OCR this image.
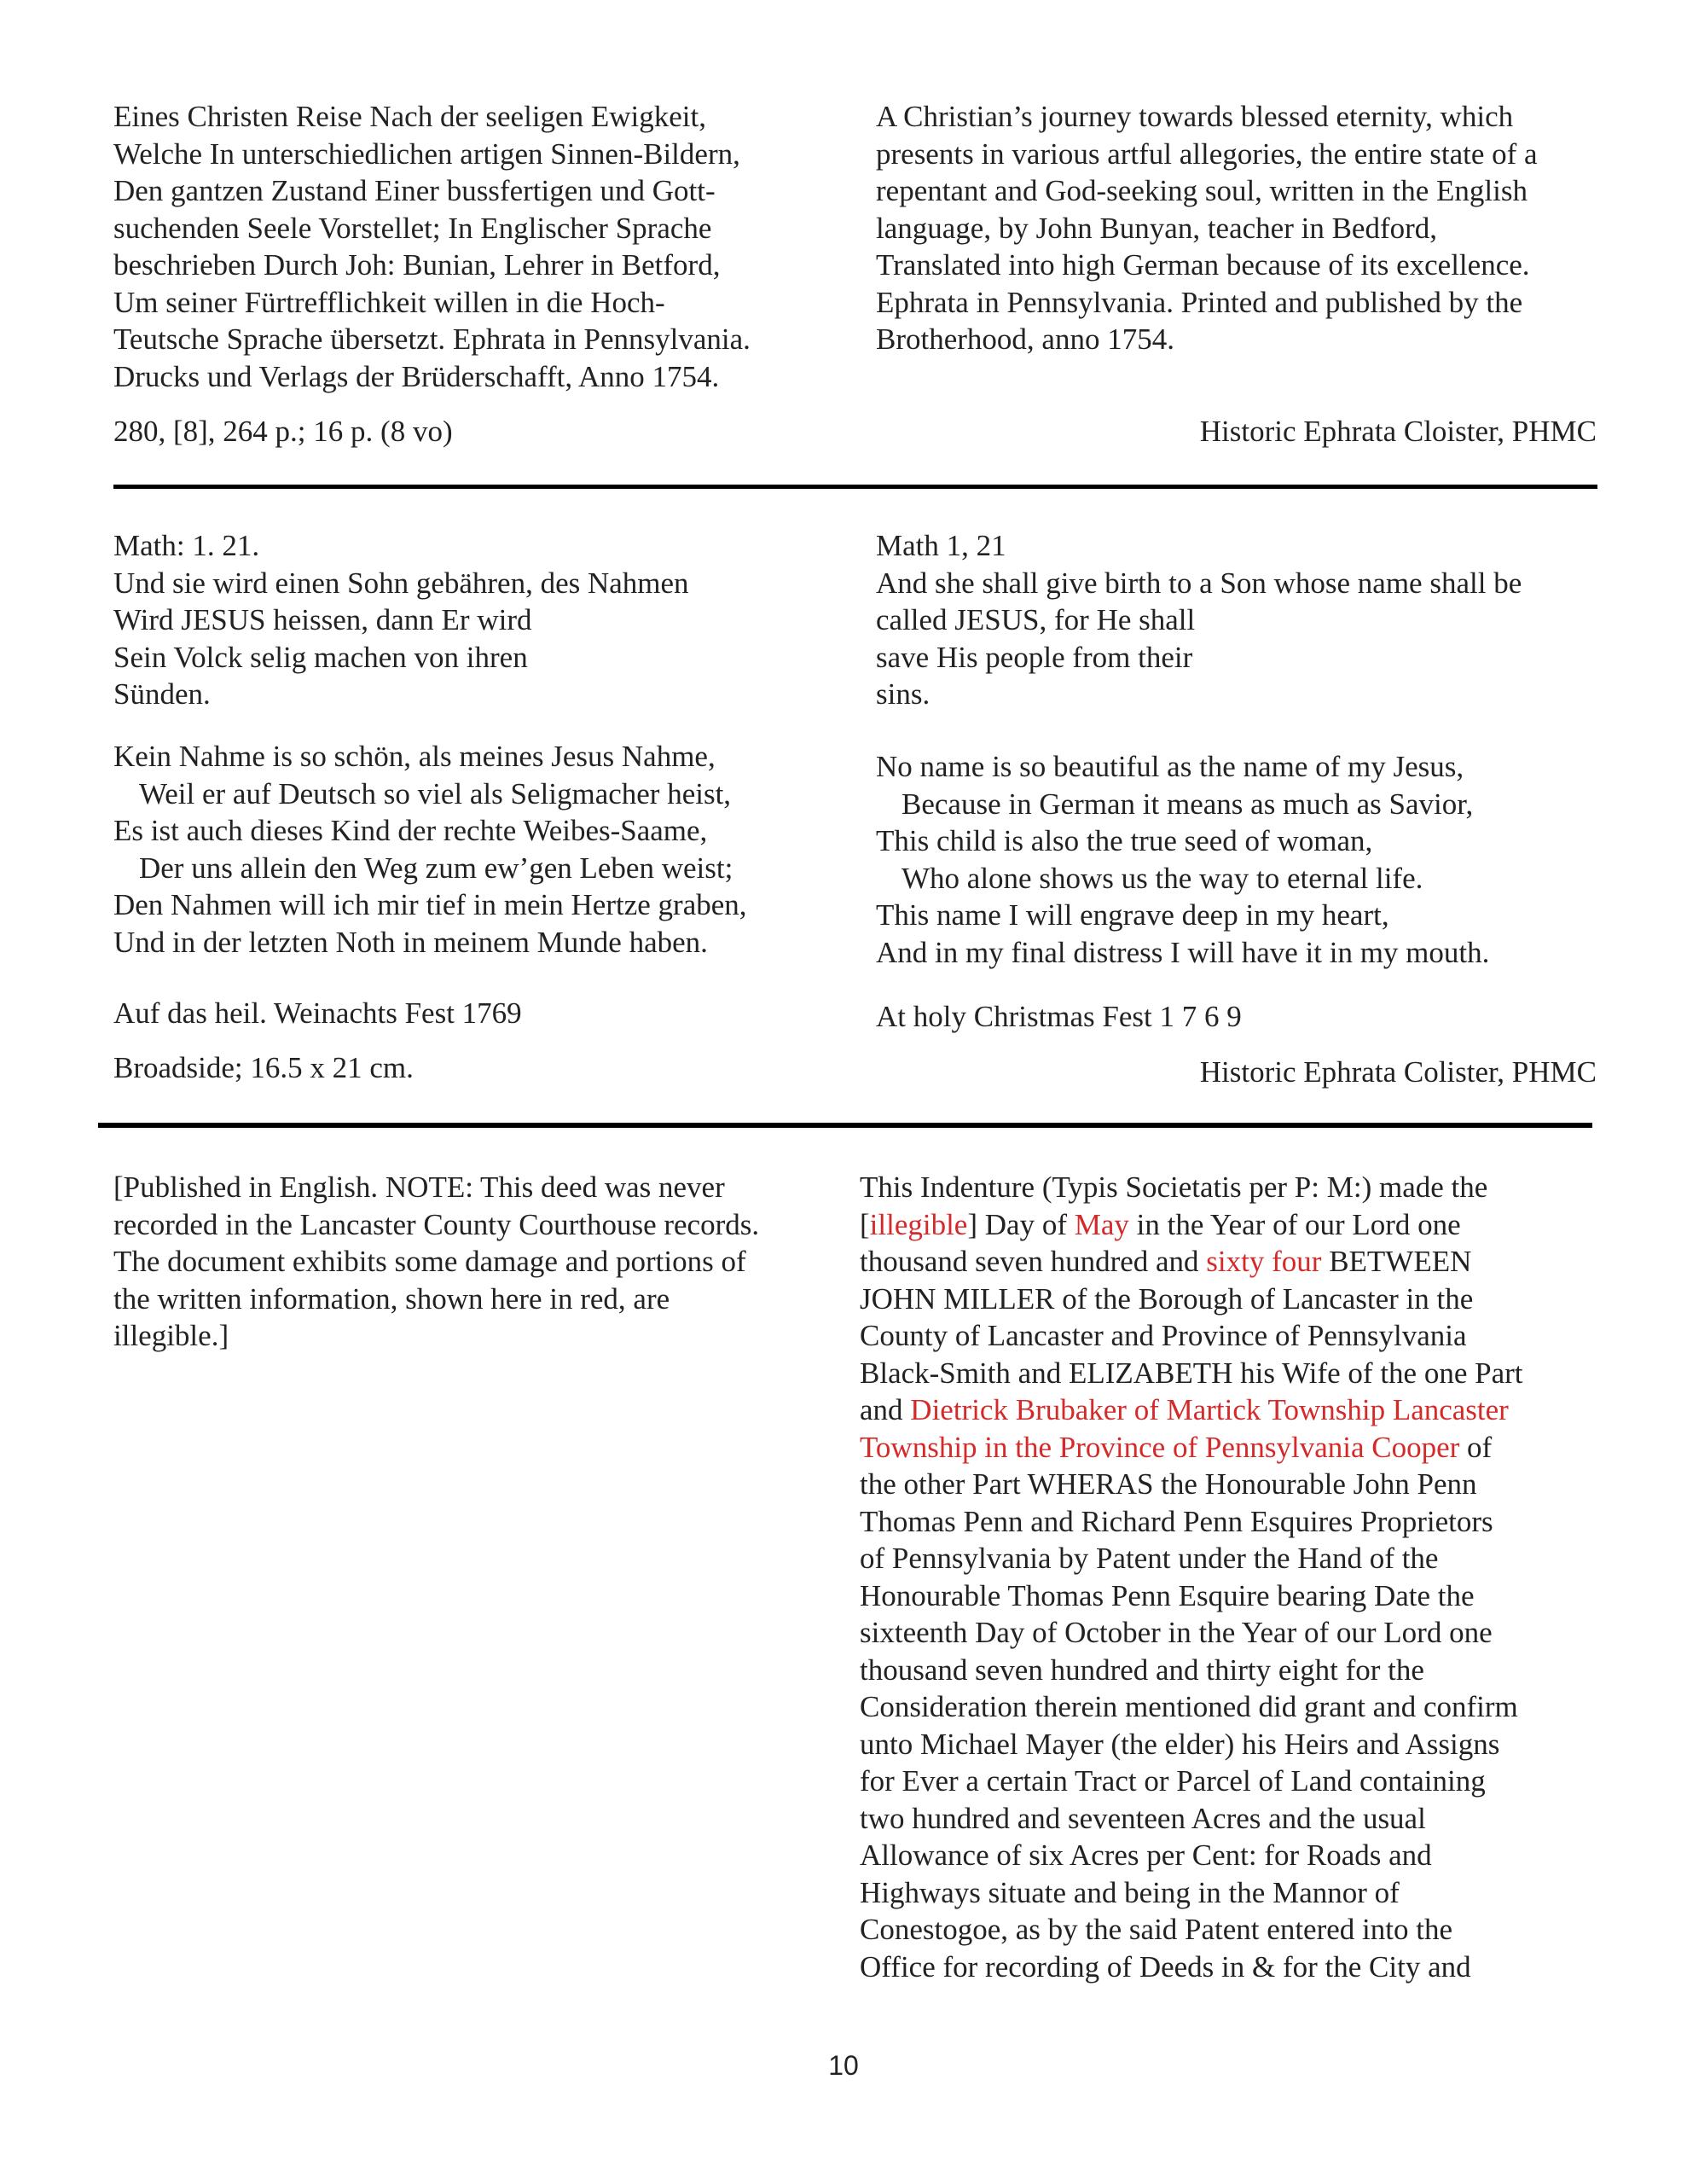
Eines Christen Reise Nach der seeligen Ewigkeit,
Welche In unterschiedlichen artigen Sinnen-Bildern,
Den gantzen Zustand Einer bussfertigen und Gott-
suchenden Seele Vorstellet; In Englischer Sprache
beschrieben Durch Joh: Bunian, Lehrer in Betford,
Um seiner Fürtrefflichkeit willen in die Hoch-
Teutsche Sprache übersetzt. Ephrata in Pennsylvania.
Drucks und Verlags der Brüderschafft, Anno 1754.
A Christian’s journey towards blessed eternity, which
presents in various artful allegories, the entire state of a
repentant and God-seeking soul, written in the English
language, by John Bunyan, teacher in Bedford,
Translated into high German because of its excellence.
Ephrata in Pennsylvania. Printed and published by the
Brotherhood, anno 1754.
280, [8], 264 p.; 16 p. (8 vo)	Historic Ephrata Cloister, PHMC
Math: 1. 21.
Und sie wird einen Sohn gebähren, des Nahmen
Wird JESUS heissen, dann Er wird
Sein Volck selig machen von ihren
Sünden.
Kein Nahme is so schön, als meines Jesus Nahme,
Weil er auf Deutsch so viel als Seligmacher heist,
Es ist auch dieses Kind der rechte Weibes-Saame,
Der uns allein den Weg zum ew’gen Leben weist;
Den Nahmen will ich mir tief in mein Hertze graben,
Und in der letzten Noth in meinem Munde haben.
Auf das heil. Weinachts Fest 1769
Broadside; 16.5 x 21 cm.
Math 1, 21
And she shall give birth to a Son whose name shall be
called JESUS, for He shall
save His people from their
sins.
No name is so beautiful as the name of my Jesus,
Because in German it means as much as Savior,
This child is also the true seed of woman,
Who alone shows us the way to eternal life.
This name I will engrave deep in my heart,
And in my final distress I will have it in my mouth.
At holy Christmas Fest 1 7 6 9
Historic Ephrata Colister, PHMC
[Published in English. NOTE: This deed was never
recorded in the Lancaster County Courthouse records.
The document exhibits some damage and portions of
the written information, shown here in red, are
illegible.]
This Indenture (Typis Societatis per P: M:) made the
[illegible] Day of May in the Year of our Lord one
thousand seven hundred and sixty four BETWEEN
JOHN MILLER of the Borough of Lancaster in the
County of Lancaster and Province of Pennsylvania
Black-Smith and ELIZABETH his Wife of the one Part
and Dietrick Brubaker of Martick Township Lancaster
Township in the Province of Pennsylvania Cooper of
the other Part WHERAS the Honourable John Penn
Thomas Penn and Richard Penn Esquires Proprietors
of Pennsylvania by Patent under the Hand of the
Honourable Thomas Penn Esquire bearing Date the
sixteenth Day of October in the Year of our Lord one
thousand seven hundred and thirty eight for the
Consideration therein mentioned did grant and confirm
unto Michael Mayer (the elder) his Heirs and Assigns
for Ever a certain Tract or Parcel of Land containing
two hundred and seventeen Acres and the usual
Allowance of six Acres per Cent: for Roads and
Highways situate and being in the Mannor of
Conestogoe, as by the said Patent entered into the
Office for recording of Deeds in & for the City and
10
